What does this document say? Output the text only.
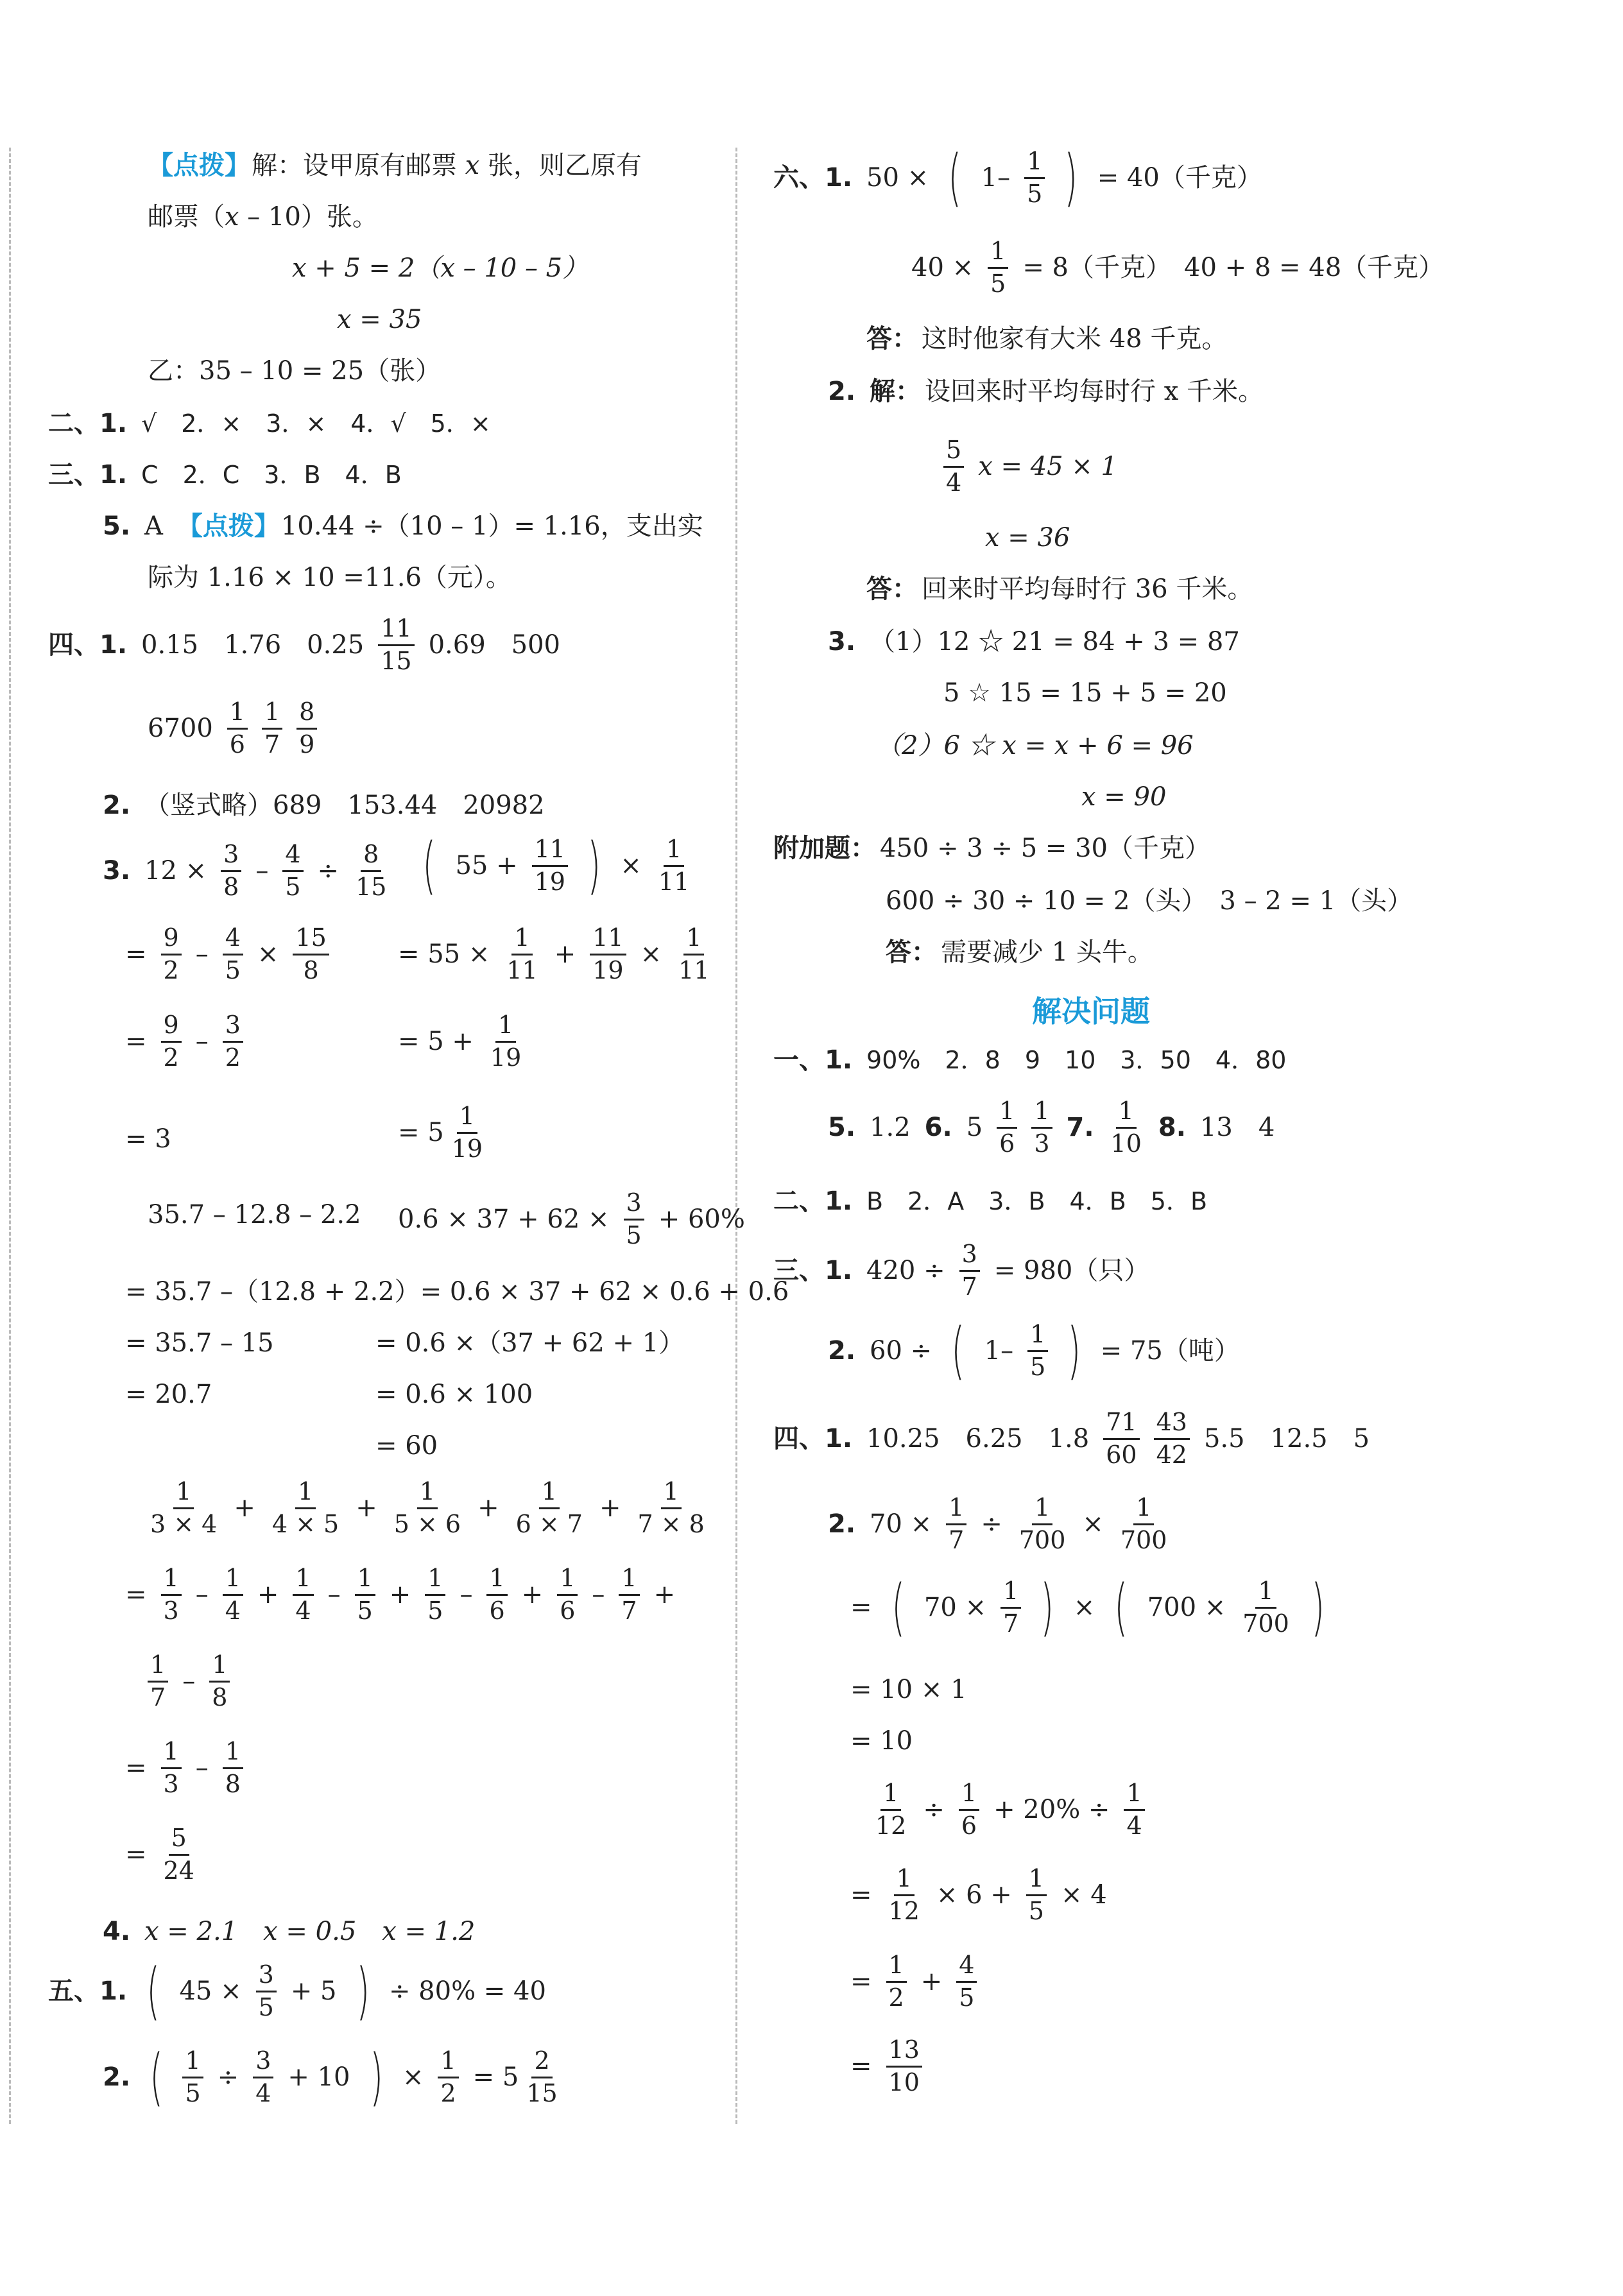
【点拨】 解：设甲原有邮票 x 张，则乙原有
邮票（x – 10）张。
x + 5 = 2（x – 10 – 5）
x = 35
乙：35 – 10 = 25（张）
二、1. √　2．×　3．×　4．√　5．×
三、1. C　2．C　3．B　4．B
5. A 【点拨】 10.44 ÷（10 – 1）= 1.16，支出实
际为 1.16 × 10 =11.6（元）。
四、1. 0.15　1.76　$0.25 \frac{11}{15} 0.69$　500
$6700 \frac{1}{6} \frac{1}{7} \frac{8}{9}$
2. （竖式略）689　153.44　20982
3. $12 \times \frac{3}{8} - \frac{4}{5} \div \frac{8}{15}$ ( $55 + \frac{11}{19}$ ) × $\frac{1}{11}$
= $\frac{9}{2} - \frac{4}{5} \times \frac{15}{8}$	= $55 \times \frac{1}{11} + \frac{11}{19} \times \frac{1}{11}$
= $\frac{9}{2} - \frac{3}{2}$	= $5 + \frac{1}{19}$
= 3	= $5 \frac{1}{19}$
35.7 – 12.8 – 2.2 $0.6 \times 37 + 62 \times \frac{3}{5} + 60\%$
= 35.7 –（12.8 + 2.2）= 0.6 × 37 + 62 × 0.6 + 0.6
= 35.7 – 15	= 0.6 ×（37 + 62 + 1）
= 20.7	= 0.6 × 100
= 60
$\frac{1}{3 \times 4} + \frac{1}{4 \times 5} + \frac{1}{5 \times 6} + \frac{1}{6 \times 7} + \frac{1}{7 \times 8}$
= $\frac{1}{3} - \frac{1}{4} + \frac{1}{4} - \frac{1}{5} + \frac{1}{5} - \frac{1}{6} + \frac{1}{6} - \frac{1}{7}$ +
$\frac{1}{7} - \frac{1}{8}$
= $\frac{1}{3} - \frac{1}{8}$
= $\frac{5}{24}$
4. x = 2.1　x = 0.5　x = 1.2
五、1. ( $45 \times \frac{3}{5} + 5$ ) ÷ 80% = 40
2. ( $\frac{1}{5} \div \frac{3}{4} + 10$ ) × $\frac{1}{2} = 5 \frac{2}{15}$
六、1. 50 × ( $1- \frac{1}{5}$ ) = 40（千克）
$40 \times \frac{1}{5} = 8$（千克）　40 + 8 = 48（千克）
答： 这时他家有大米 48 千克。
2. 解： 设回来时平均每时行 x 千米。
$\frac{5}{4}$ x = 45 × 1
x = 36
答： 回来时平均每时行 36 千米。
3. （1）12 ☆ 21 = 84 + 3 = 87
5 ☆ 15 = 15 + 5 = 20
（2）6 ☆ x = x + 6 = 96
x = 90
附加题： 450 ÷ 3 ÷ 5 = 30（千克）
600 ÷ 30 ÷ 10 = 2（头）　3 – 2 = 1（头）
答： 需要减少 1 头牛。
解决问题
一、1. 90%　2．8　9　10　3．50　4．80
5. 1.2 6. $5 \frac{1}{6} \frac{1}{3} 7$. $\frac{1}{10} 8$. 13　4
二、1. B　2．A　3．B　4．B　5．B
三、1. $420 \div \frac{3}{7} = 980$（只）
2. 60 ÷ ( $1- \frac{1}{5}$ ) = 75（吨）
四、1. 10.25　6.25　$1.8 \frac{71}{60} \frac{43}{42} 5.5$　12.5　5
2. $70 \times \frac{1}{7} \div \frac{1}{700} \times \frac{1}{700}$
= ( $70 \times \frac{1}{7}$ ) × ( $700 \times \frac{1}{700}$ )
= 10 × 1
= 10
$\frac{1}{12} \div \frac{1}{6} + 20\% \div \frac{1}{4}$
= $\frac{1}{12} \times 6 + \frac{1}{5} \times 4$
= $\frac{1}{2} + \frac{4}{5}$
= $\frac{13}{10}$
